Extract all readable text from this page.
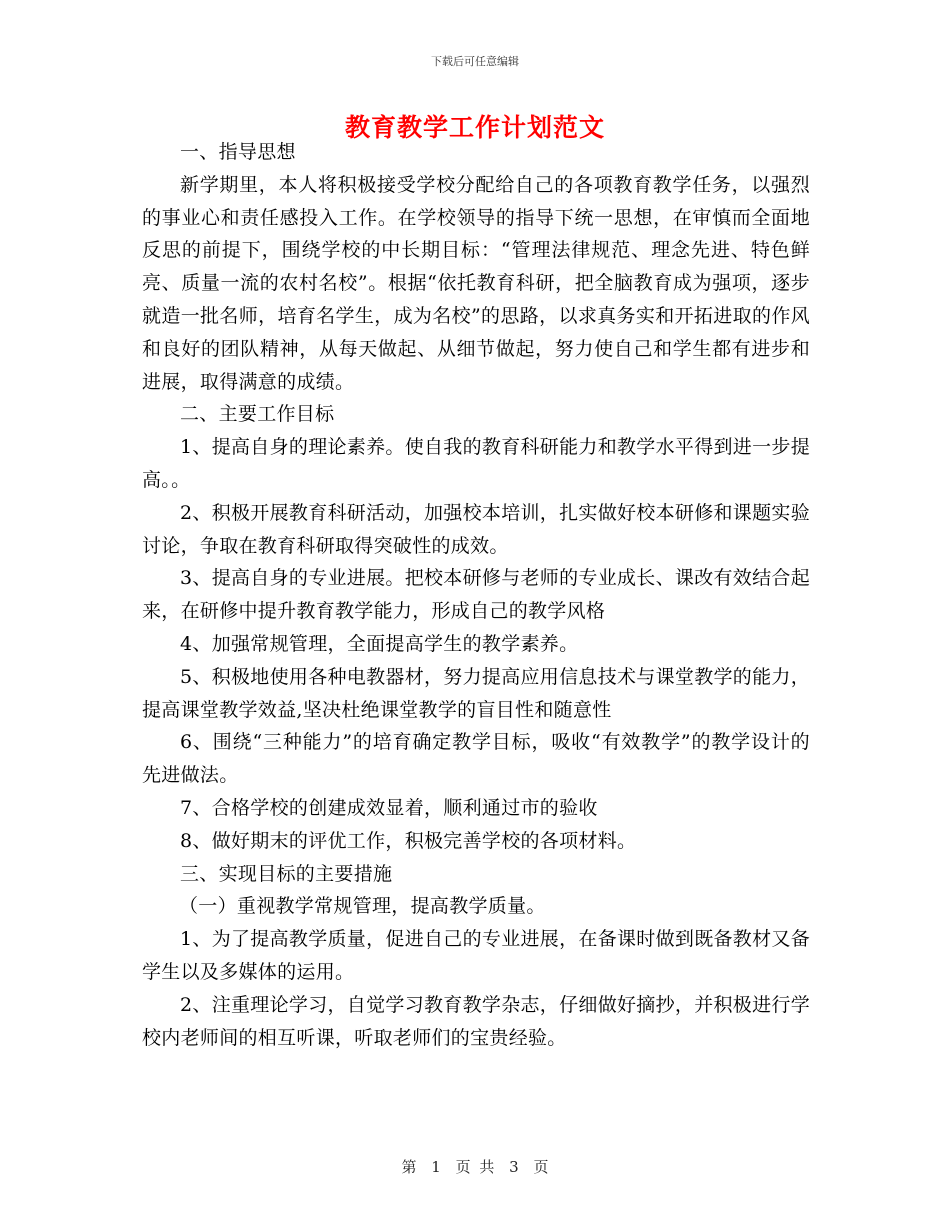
下载后可任意编辑
教育教学工作计划范文

一、指导思想

新学期里，本人将积极接受学校分配给自己的各项教育教学任务，以强烈的事业心和责任感投入工作。在学校领导的指导下统一思想，在审慎而全面地反思的前提下，围绕学校的中长期目标：“管理法律规范、理念先进、特色鲜亮、质量一流的农村名校”。根据“依托教育科研，把全脑教育成为强项，逐步就造一批名师，培育名学生，成为名校”的思路，以求真务实和开拓进取的作风和良好的团队精神，从每天做起、从细节做起，努力使自己和学生都有进步和进展，取得满意的成绩。

二、主要工作目标

1、提高自身的理论素养。使自我的教育科研能力和教学水平得到进一步提高。。

2、积极开展教育科研活动，加强校本培训，扎实做好校本研修和课题实验讨论，争取在教育科研取得突破性的成效。

3、提高自身的专业进展。把校本研修与老师的专业成长、课改有效结合起来，在研修中提升教育教学能力，形成自己的教学风格

4、加强常规管理，全面提高学生的教学素养。

5、积极地使用各种电教器材，努力提高应用信息技术与课堂教学的能力，提高课堂教学效益,坚决杜绝课堂教学的盲目性和随意性

6、围绕“三种能力”的培育确定教学目标，吸收“有效教学”的教学设计的先进做法。

7、合格学校的创建成效显着，顺利通过市的验收

8、做好期末的评优工作，积极完善学校的各项材料。

三、实现目标的主要措施

（一）重视教学常规管理，提高教学质量。

1、为了提高教学质量，促进自己的专业进展，在备课时做到既备教材又备学生以及多媒体的运用。

2、注重理论学习，自觉学习教育教学杂志，仔细做好摘抄，并积极进行学校内老师间的相互听课，听取老师们的宝贵经验。

第 1 页 共 3 页
